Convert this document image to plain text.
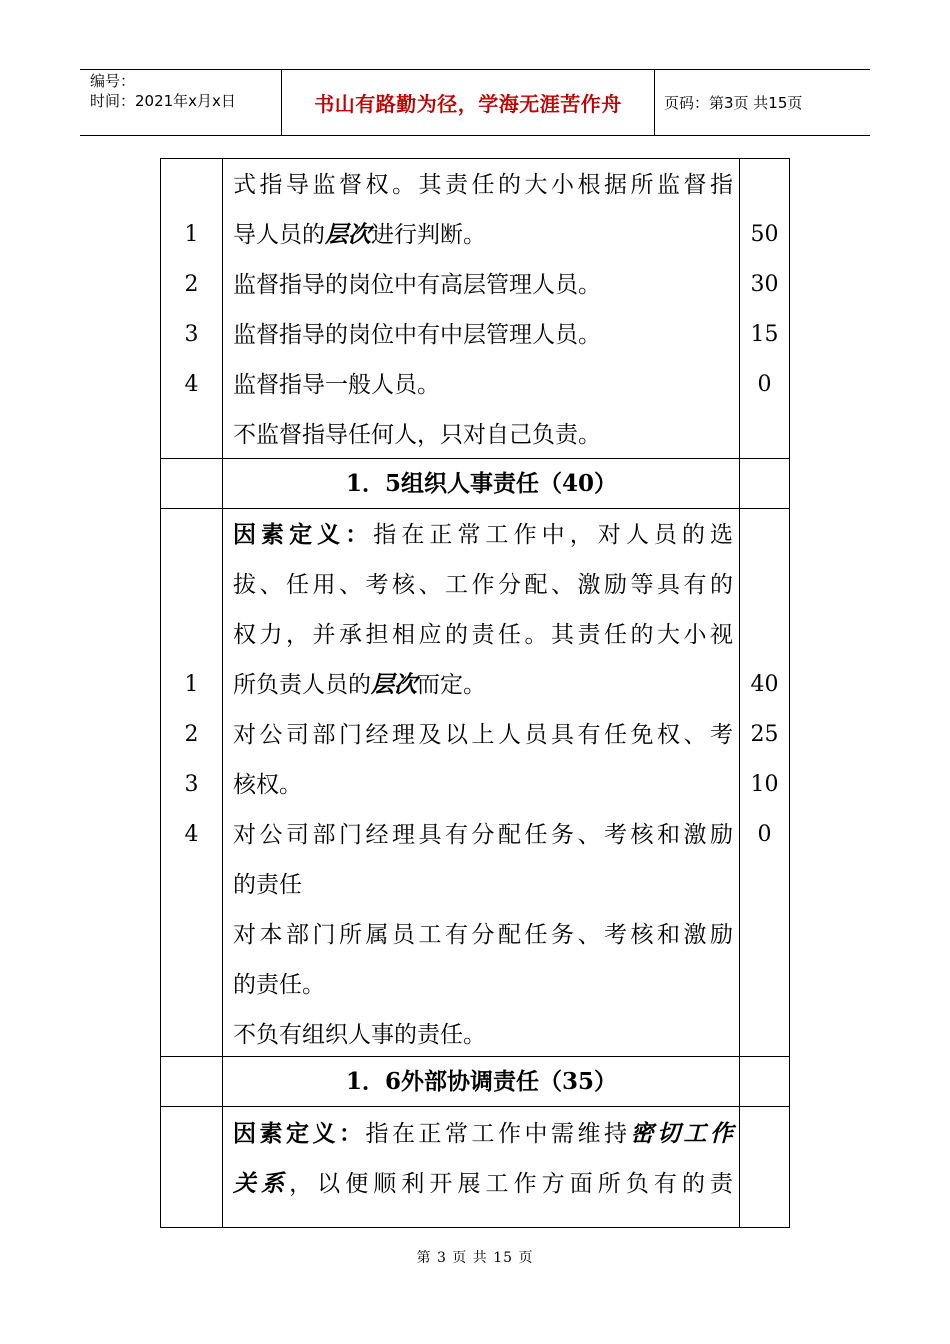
编号：
时间：2021年x月x日	书山有路勤为径，学海无涯苦作舟	页码：第3页 共15页
1
2
3
4
50
30
15
0
式指导监督权。其责任的大小根据所监督指
导人员的层次进行判断。
监督指导的岗位中有高层管理人员。
监督指导的岗位中有中层管理人员。
监督指导一般人员。
不监督指导任何人，只对自己负责。
1．5组织人事责任（40）
1
2
3
4
40
25
10
0
因素定义：指在正常工作中，对人员的选
拔、任用、考核、工作分配、激励等具有的
权力，并承担相应的责任。其责任的大小视
所负责人员的层次而定。
对公司部门经理及以上人员具有任免权、考
核权。
对公司部门经理具有分配任务、考核和激励
的责任
对本部门所属员工有分配任务、考核和激励
的责任。
不负有组织人事的责任。
1．6外部协调责任（35）
因素定义：指在正常工作中需维持密切工作
关系，以便顺利开展工作方面所负有的责
第 3 页 共 15 页
